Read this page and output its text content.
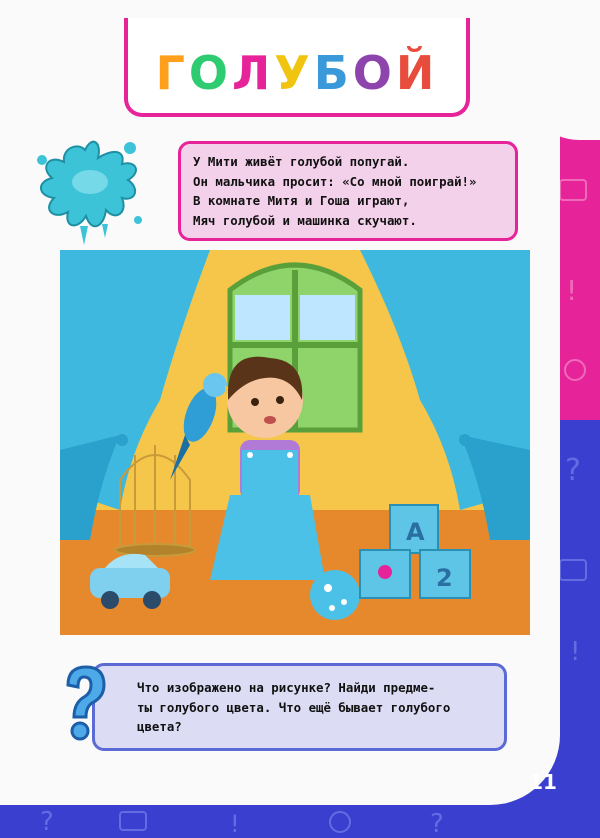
!
?
!
?	!	?
ГОЛУБОЙ
У Мити живёт голубой попугай.
Он мальчика просит: «Со мной поиграй!»
В комнате Митя и Гоша играют,
Мяч голубой и машинка скучают.
A
2
Что изображено на рисунке? Найди предме-
ты голубого цвета. Что ещё бывает голубого
цвета?
11
